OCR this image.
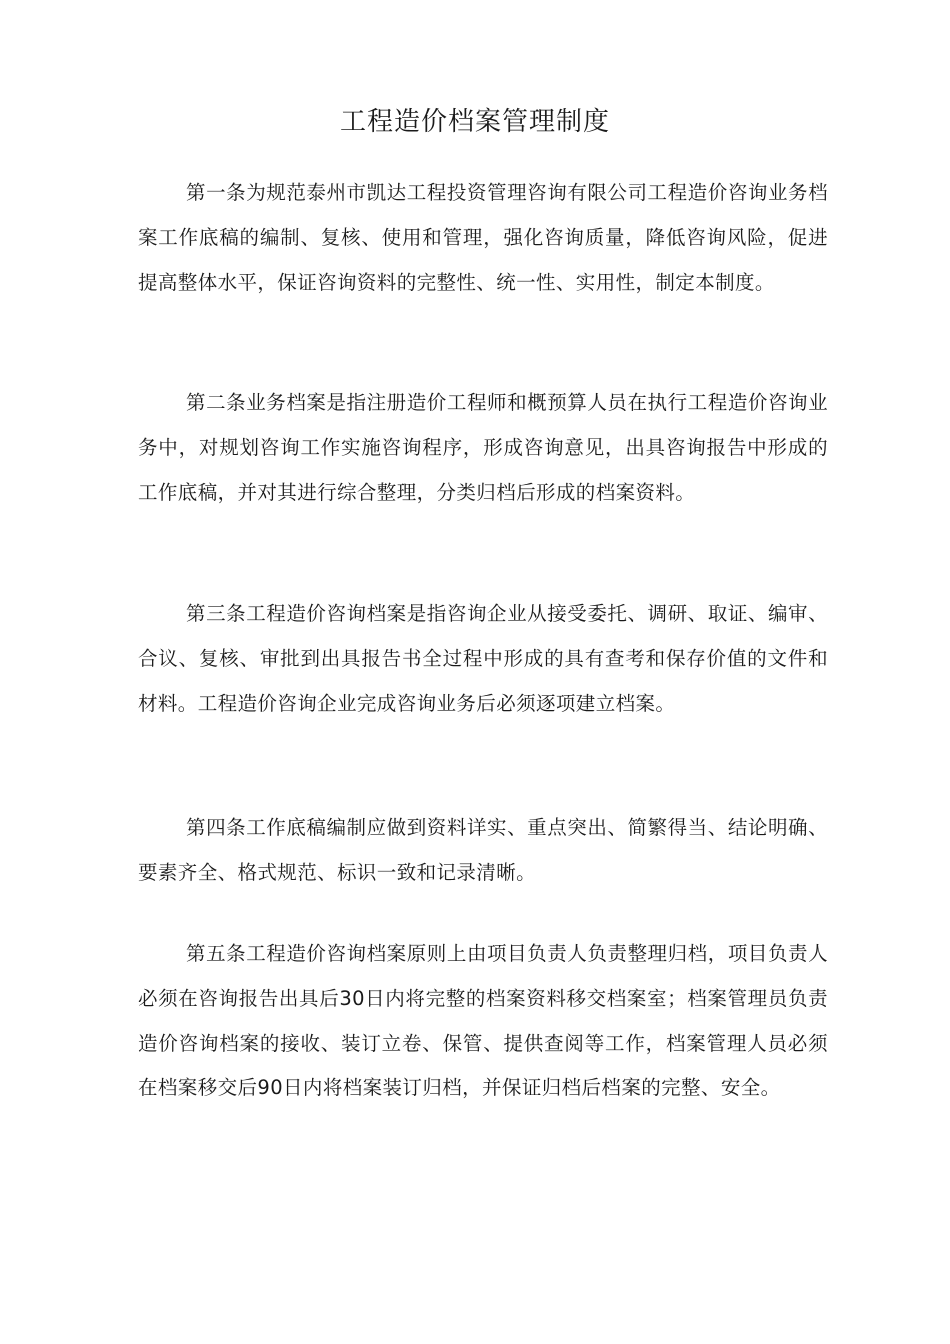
工程造价档案管理制度

第一条为规范泰州市凯达工程投资管理咨询有限公司工程造价咨询业务档案工作底稿的编制、复核、使用和管理，强化咨询质量，降低咨询风险，促进提高整体水平，保证咨询资料的完整性、统一性、实用性，制定本制度。

第二条业务档案是指注册造价工程师和概预算人员在执行工程造价咨询业务中，对规划咨询工作实施咨询程序，形成咨询意见，出具咨询报告中形成的工作底稿，并对其进行综合整理，分类归档后形成的档案资料。

第三条工程造价咨询档案是指咨询企业从接受委托、调研、取证、编审、合议、复核、审批到出具报告书全过程中形成的具有查考和保存价值的文件和材料。工程造价咨询企业完成咨询业务后必须逐项建立档案。

第四条工作底稿编制应做到资料详实、重点突出、简繁得当、结论明确、要素齐全、格式规范、标识一致和记录清晰。

第五条工程造价咨询档案原则上由项目负责人负责整理归档，项目负责人必须在咨询报告出具后30日内将完整的档案资料移交档案室；档案管理员负责造价咨询档案的接收、装订立卷、保管、提供查阅等工作，档案管理人员必须在档案移交后90日内将档案装订归档，并保证归档后档案的完整、安全。
